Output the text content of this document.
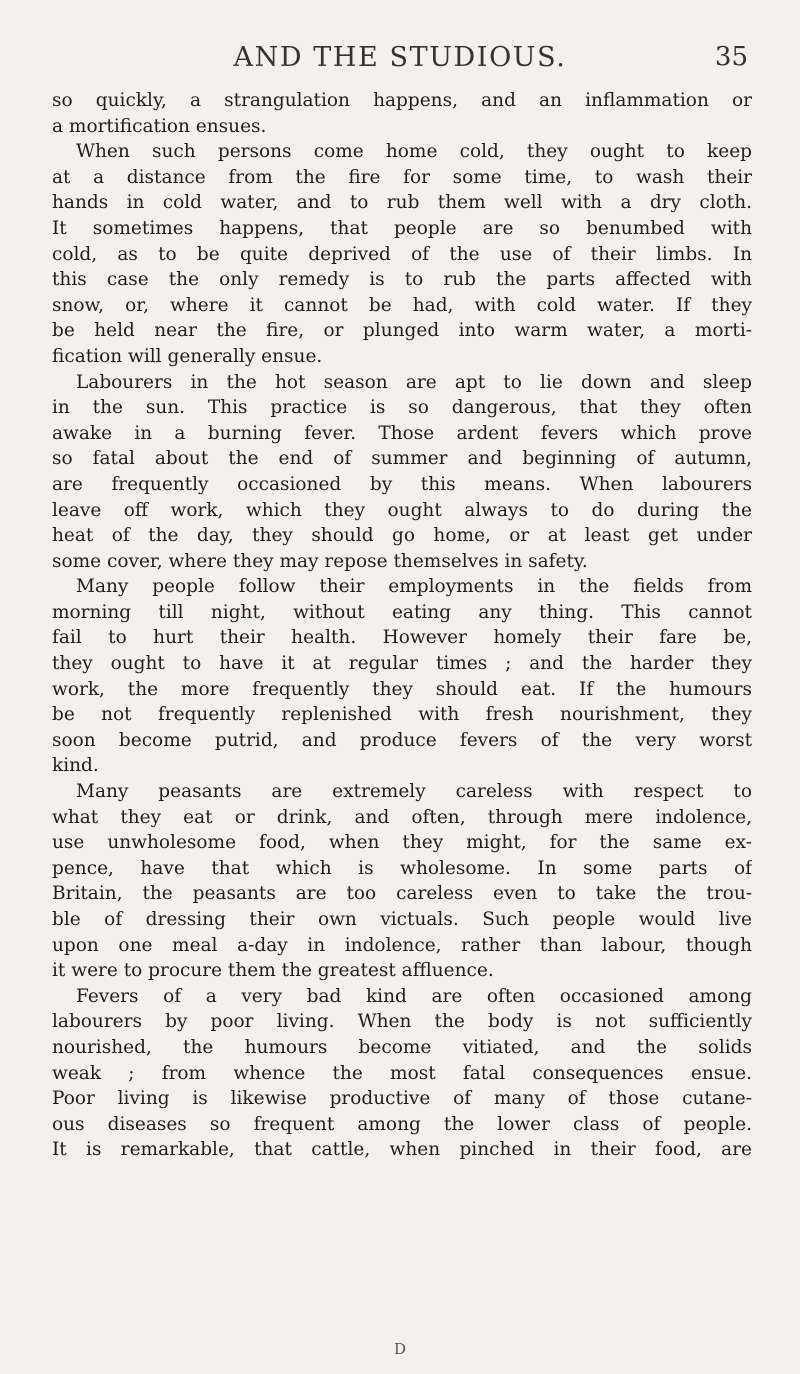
AND THE STUDIOUS.	35
so quickly, a strangulation happens, and an inflammation or
a mortification ensues.
When such persons come home cold, they ought to keep
at a distance from the fire for some time, to wash their
hands in cold water, and to rub them well with a dry cloth.
It sometimes happens, that people are so benumbed with
cold, as to be quite deprived of the use of their limbs. In
this case the only remedy is to rub the parts affected with
snow, or, where it cannot be had, with cold water. If they
be held near the fire, or plunged into warm water, a morti-
fication will generally ensue.
Labourers in the hot season are apt to lie down and sleep
in the sun. This practice is so dangerous, that they often
awake in a burning fever. Those ardent fevers which prove
so fatal about the end of summer and beginning of autumn,
are frequently occasioned by this means. When labourers
leave off work, which they ought always to do during the
heat of the day, they should go home, or at least get under
some cover, where they may repose themselves in safety.
Many people follow their employments in the fields from
morning till night, without eating any thing. This cannot
fail to hurt their health. However homely their fare be,
they ought to have it at regular times ; and the harder they
work, the more frequently they should eat. If the humours
be not frequently replenished with fresh nourishment, they
soon become putrid, and produce fevers of the very worst
kind.
Many peasants are extremely careless with respect to
what they eat or drink, and often, through mere indolence,
use unwholesome food, when they might, for the same ex-
pence, have that which is wholesome. In some parts of
Britain, the peasants are too careless even to take the trou-
ble of dressing their own victuals. Such people would live
upon one meal a-day in indolence, rather than labour, though
it were to procure them the greatest affluence.
Fevers of a very bad kind are often occasioned among
labourers by poor living. When the body is not sufficiently
nourished, the humours become vitiated, and the solids
weak ; from whence the most fatal consequences ensue.
Poor living is likewise productive of many of those cutane-
ous diseases so frequent among the lower class of people.
It is remarkable, that cattle, when pinched in their food, are
D
